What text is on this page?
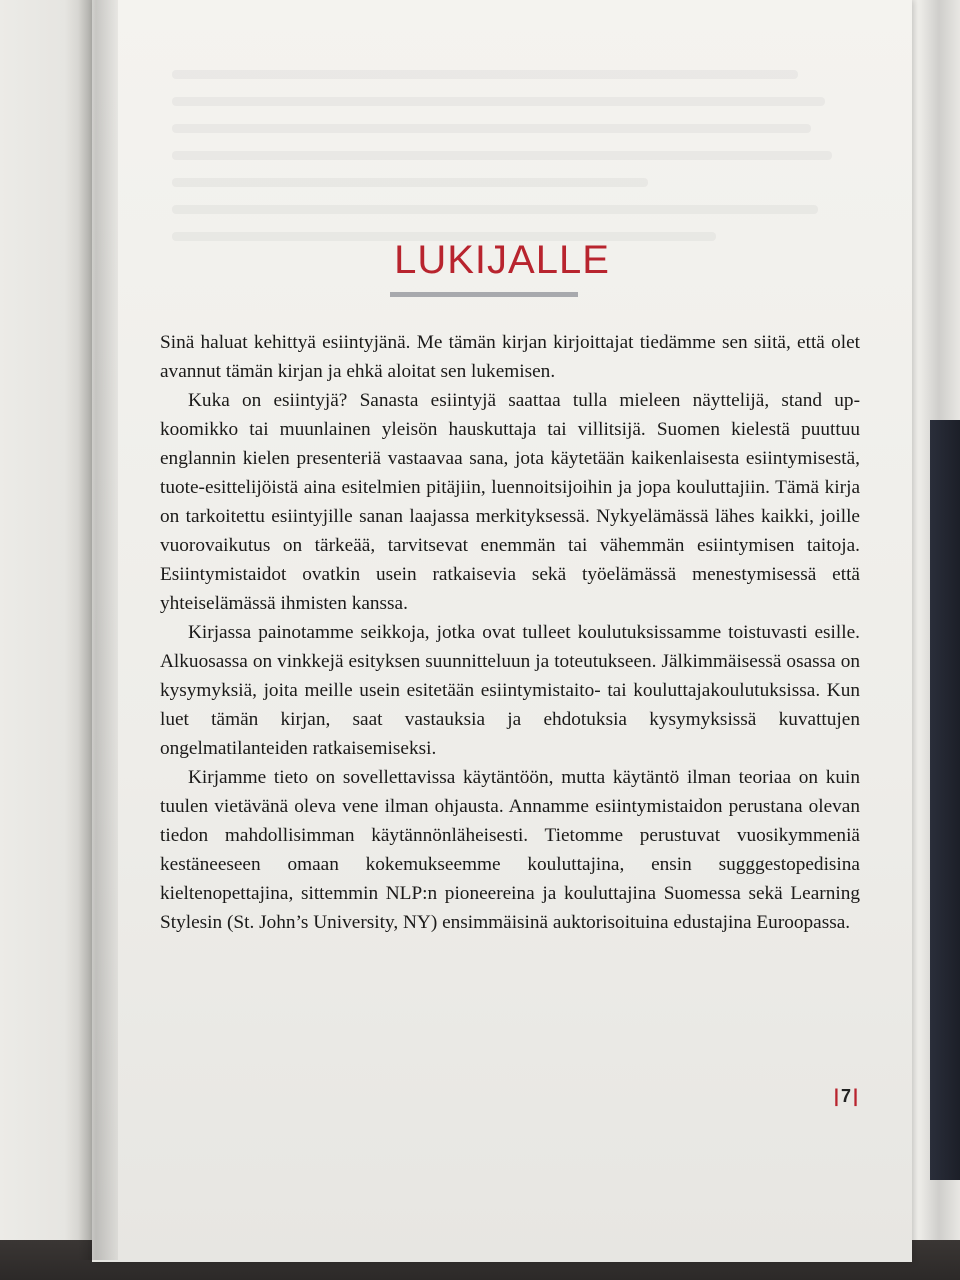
LUKIJALLE

Sinä haluat kehittyä esiintyjänä. Me tämän kirjan kirjoittajat tiedämme sen siitä, että olet avannut tämän kirjan ja ehkä aloitat sen lukemisen.

Kuka on esiintyjä? Sanasta esiintyjä saattaa tulla mieleen näyttelijä, stand up-koomikko tai muunlainen yleisön hauskuttaja tai villitsijä. Suomen kielestä puuttuu englannin kielen presenteriä vastaavaa sana, jota käytetään kaikenlaisesta esiintymisestä, tuote-esittelijöistä aina esitelmien pitäjiin, luennoitsijoihin ja jopa kouluttajiin. Tämä kirja on tarkoitettu esiintyjille sanan laajassa merkityksessä. Nykyelämässä lähes kaikki, joille vuorovaikutus on tärkeää, tarvitsevat enemmän tai vähemmän esiintymisen taitoja. Esiintymistaidot ovatkin usein ratkaisevia sekä työelämässä menestymisessä että yhteiselämässä ihmisten kanssa.

Kirjassa painotamme seikkoja, jotka ovat tulleet koulutuksissamme toistuvasti esille. Alkuosassa on vinkkejä esityksen suunnitteluun ja toteutukseen. Jälkimmäisessä osassa on kysymyksiä, joita meille usein esitetään esiintymistaito- tai kouluttajakoulutuksissa. Kun luet tämän kirjan, saat vastauksia ja ehdotuksia kysymyksissä kuvattujen ongelmatilanteiden ratkaisemiseksi.

Kirjamme tieto on sovellettavissa käytäntöön, mutta käytäntö ilman teoriaa on kuin tuulen vietävänä oleva vene ilman ohjausta. Annamme esiintymistaidon perustana olevan tiedon mahdollisimman käytännönläheisesti. Tietomme perustuvat vuosikymmeniä kestäneeseen omaan kokemukseemme kouluttajina, ensin sugggestopedisina kieltenopettajina, sittemmin NLP:n pioneereina ja kouluttajina Suomessa sekä Learning Stylesin (St. John’s University, NY) ensimmäisinä auktorisoituina edustajina Euroopassa.

| 7 |
